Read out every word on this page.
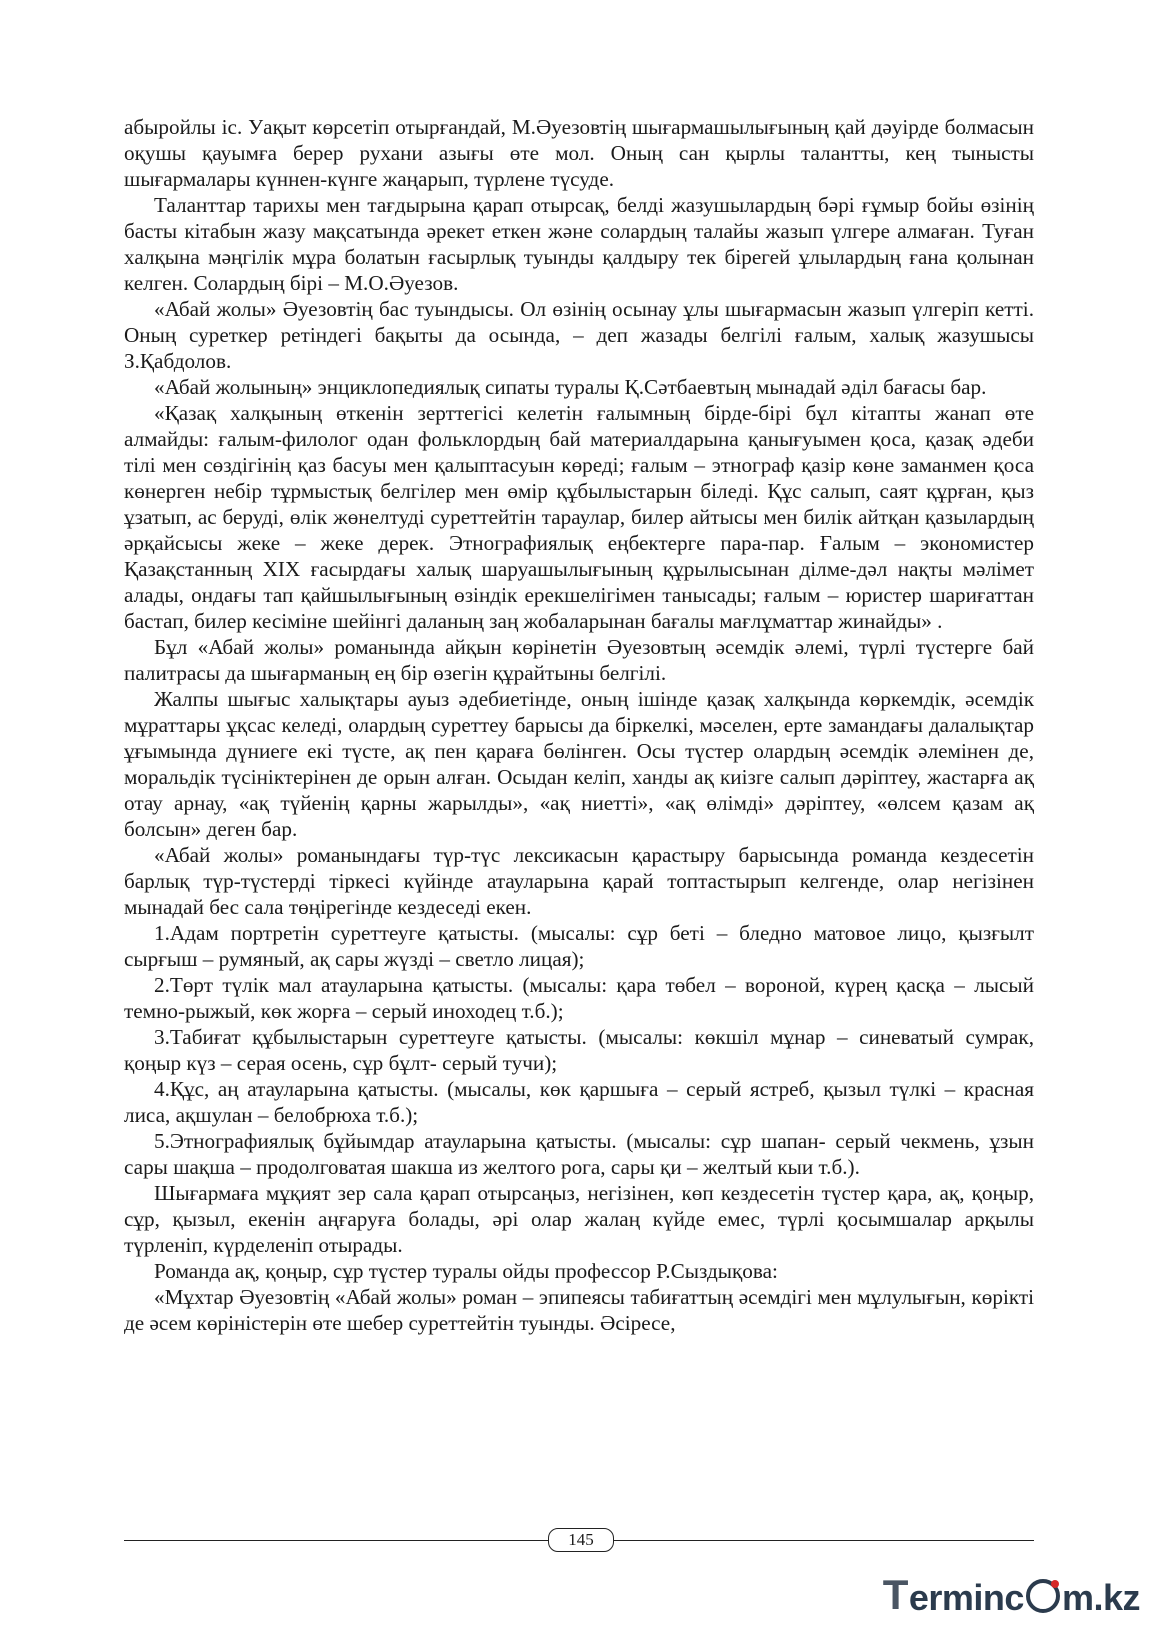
абыройлы іс. Уақыт көрсетіп отырғандай, М.Әуезовтің шығармашылығының қай дәуірде болмасын оқушы қауымға берер рухани азығы өте мол. Оның сан қырлы талантты, кең тынысты шығармалары күннен-күнге жаңарып, түрлене түсуде.

Таланттар тарихы мен тағдырына қарап отырсақ, белді жазушылардың бәрі ғұмыр бойы өзінің басты кітабын жазу мақсатында әрекет еткен және солардың талайы жазып үлгере алмаған. Туған халқына мәңгілік мұра болатын ғасырлық туынды қалдыру тек бірегей ұлылардың ғана қолынан келген. Солардың бірі – М.О.Әуезов.

«Абай жолы» Әуезовтің бас туындысы. Ол өзінің осынау ұлы шығармасын жазып үлгеріп кетті. Оның суреткер ретіндегі бақыты да осында, – деп жазады белгілі ғалым, халық жазушысы З.Қабдолов.

«Абай жолының» энциклопедиялық сипаты туралы Қ.Сәтбаевтың мынадай әділ бағасы бар.

«Қазақ халқының өткенін зерттегісі келетін ғалымның бірде-бірі бұл кітапты жанап өте алмайды: ғалым-филолог одан фольклордың бай материалдарына қанығуымен қоса, қазақ әдеби тілі мен сөздігінің қаз басуы мен қалыптасуын көреді; ғалым – этнограф қазір көне заманмен қоса көнерген небір тұрмыстық белгілер мен өмір құбылыстарын біледі. Құс салып, саят құрған, қыз ұзатып, ас беруді, өлік жөнелтуді суреттейтін тараулар, билер айтысы мен билік айтқан қазылардың әрқайсысы жеке – жеке дерек. Этнографиялық еңбектерге пара-пар. Ғалым – экономистер Қазақстанның XIX ғасырдағы халық шаруашылығының құрылысынан ділме-дәл нақты мәлімет алады, ондағы тап қайшылығының өзіндік ерекшелігімен танысады; ғалым – юристер шариғаттан бастап, билер кесіміне шейінгі даланың заң жобаларынан бағалы мағлұматтар жинайды» .

Бұл «Абай жолы» романында айқын көрінетін Әуезовтың әсемдік әлемі, түрлі түстерге бай палитрасы да шығарманың ең бір өзегін құрайтыны белгілі.

Жалпы шығыс халықтары ауыз әдебиетінде, оның ішінде қазақ халқында көркемдік, әсемдік мұраттары ұқсас келеді, олардың суреттеу барысы да біркелкі, мәселен, ерте замандағы далалықтар ұғымында дүниеге екі түсте, ақ пен қараға бөлінген. Осы түстер олардың әсемдік әлемінен де, моральдік түсініктерінен де орын алған. Осыдан келіп, ханды ақ киізге салып дәріптеу, жастарға ақ отау арнау, «ақ түйенің қарны жарылды», «ақ ниетті», «ақ өлімді» дәріптеу, «өлсем қазам ақ болсын» деген бар.

«Абай жолы» романындағы түр-түс лексикасын қарастыру барысында романда кездесетін барлық түр-түстерді тіркесі күйінде атауларына қарай топтастырып келгенде, олар негізінен мынадай бес сала төңірегінде кездеседі екен.

1.Адам портретін суреттеуге қатысты. (мысалы: сұр беті – бледно матовое лицо, қызғылт сырғыш – румяный, ақ сары жүзді – светло лицая);

2.Төрт түлік мал атауларына қатысты. (мысалы: қара төбел – вороной, күрең қасқа – лысый темно-рыжый, көк жорға – серый иноходец т.б.);

3.Табиғат құбылыстарын суреттеуге қатысты. (мысалы: көкшіл мұнар – синеватый сумрак, қоңыр күз – серая осень, сұр бұлт- серый тучи);

4.Құс, аң атауларына қатысты. (мысалы, көк қаршыға – серый ястреб, қызыл түлкі – красная лиса, ақшулан – белобрюха т.б.);

5.Этнографиялық бұйымдар атауларына қатысты. (мысалы: сұр шапан- серый чекмень, ұзын сары шақша – продолговатая шакша из желтого рога, сары қи – желтый кыи т.б.).

Шығармаға мұқият зер сала қарап отырсаңыз, негізінен, көп кездесетін түстер қара, ақ, қоңыр, сұр, қызыл, екенін аңғаруға болады, әрі олар жалаң күйде емес, түрлі қосымшалар арқылы түрленіп, күрделеніп отырады.

Романда ақ, қоңыр, сұр түстер туралы ойды профессор Р.Сыздықова:

«Мұхтар Әуезовтің «Абай жолы» роман – эпипеясы табиғаттың әсемдігі мен мұлулығын, көрікті де әсем көріністерін өте шебер суреттейтін туынды. Әсіресе,

145
T erminc m.kz
